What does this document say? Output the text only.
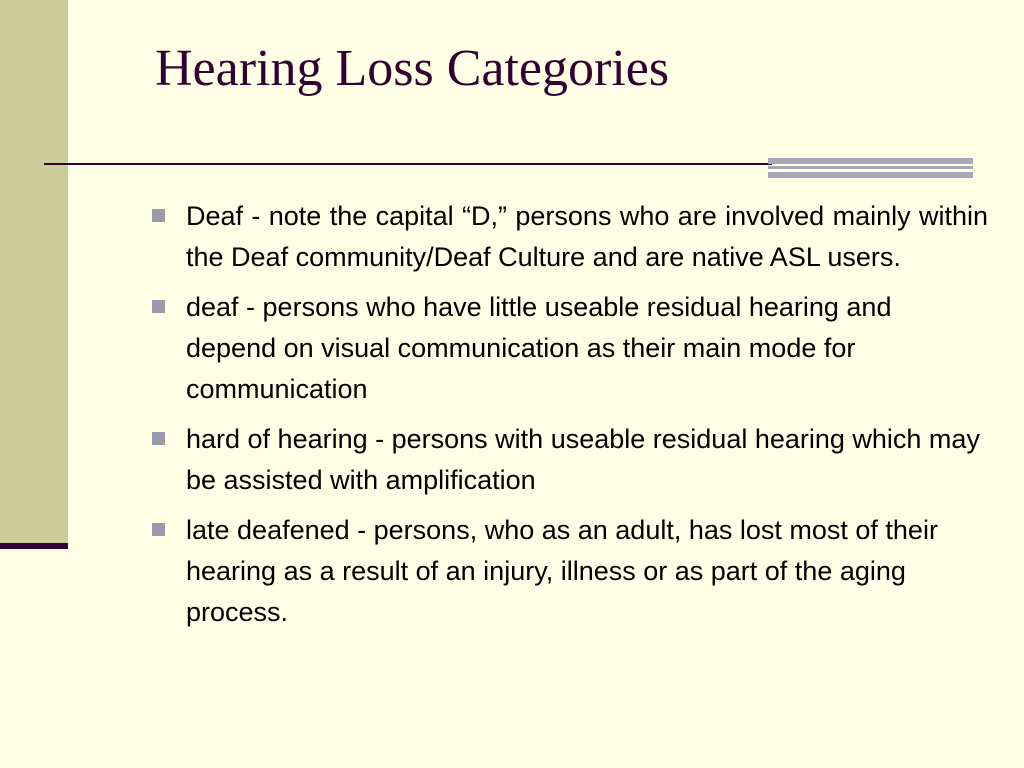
Hearing Loss Categories
Deaf - note the capital “D,” persons who are involved mainly within the Deaf community/Deaf Culture and are native ASL users.
deaf - persons who have little useable residual hearing and depend on visual communication as their main mode for communication
hard of hearing - persons with useable residual hearing which may be assisted with amplification
late deafened - persons, who as an adult, has lost most of their hearing as a result of an injury, illness or as part of the aging process.
